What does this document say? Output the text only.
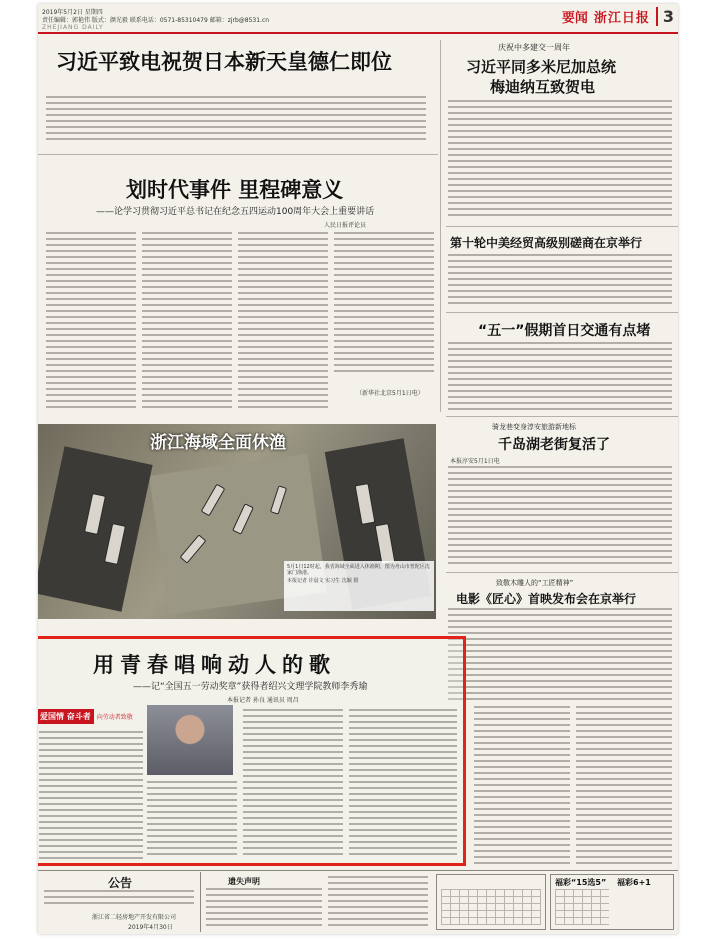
2019年5月2日 星期四
责任编辑：郭艳伟 版式：颜光毅 联系电话：0571-85310479 邮箱：zjrb@8531.cn
ZHEJIANG DAILY
要闻 浙江日报 3
习近平致电祝贺日本新天皇德仁即位
庆祝中多建交一周年
习近平同多米尼加总统
梅迪纳互致贺电
划时代事件 里程碑意义
——论学习贯彻习近平总书记在纪念五四运动100周年大会上重要讲话
人民日报评论员
（新华社北京5月1日电）
第十轮中美经贸高级别磋商在京举行
“五一”假期首日交通有点堵
浙江海域全面休渔
5月1日12时起，我省海域全面进入休渔期，图为舟山市普陀区沈家门渔港。
本报记者 许晨文 实习生 沈颖 摄
骑龙巷变身淳安旅游新地标
千岛湖老街复活了
本报淳安5月1日电
致敬木雕人的“工匠精神”
电影《匠心》首映发布会在京举行
用青春唱响动人的歌
——记“全国五一劳动奖章”获得者绍兴文理学院教师李秀瑜
本报记者 孙良 通讯员 周昌
爱国情 奋斗者	向劳动者致敬
公告
浙江省二轻房地产开发有限公司
2019年4月30日
遗失声明	福彩“15选5” 福彩6+1
